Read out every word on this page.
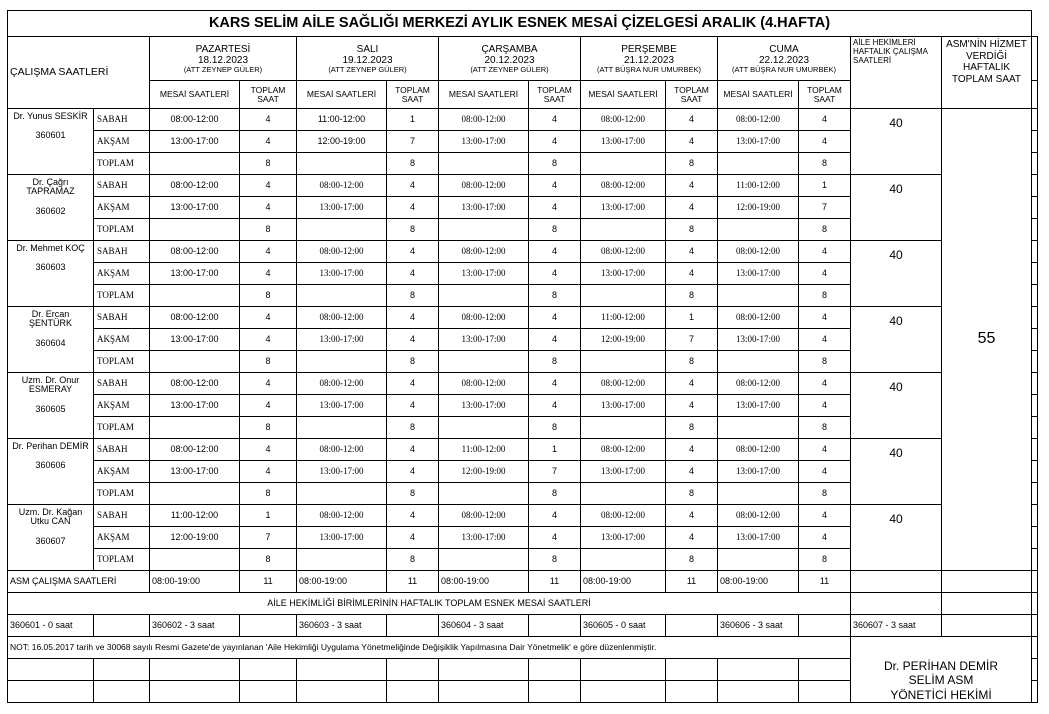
KARS SELİM AİLE SAĞLIĞI MERKEZİ AYLIK ESNEK MESAİ ÇİZELGESİ ARALIK (4.HAFTA)															
ÇALIŞMA SAATLERİ		PAZARTESİ
18.12.2023
(ATT ZEYNEP GÜLER)		SALI
19.12.2023
(ATT ZEYNEP GÜLER)		ÇARŞAMBA
20.12.2023
(ATT ZEYNEP GÜLER)		PERŞEMBE
21.12.2023
(ATT BÜŞRA NUR UMURBEK)		CUMA
22.12.2023
(ATT BÜŞRA NUR UMURBEK)		AİLE HEKİMLERİ HAFTALIK ÇALIŞMA SAATLERİ	ASM'NİN HİZMET VERDİĞİ HAFTALIK TOPLAM SAAT		
		MESAİ SAATLERİ	TOPLAM SAAT	MESAİ SAATLERİ	TOPLAM SAAT	MESAİ SAATLERİ	TOPLAM SAAT	MESAİ SAATLERİ	TOPLAM SAAT	MESAİ SAATLERİ	TOPLAM SAAT				
Dr. Yunus SESKİR
360601	SABAH	08:00-12:00	4	11:00-12:00	1	08:00-12:00	4	08:00-12:00	4	08:00-12:00	4	40	55		
	AKŞAM	13:00-17:00	4	12:00-19:00	7	13:00-17:00	4	13:00-17:00	4	13:00-17:00	4				
	TOPLAM		8		8		8		8		8				
Dr. Çağrı TAPRAMAZ
360602	SABAH	08:00-12:00	4	08:00-12:00	4	08:00-12:00	4	08:00-12:00	4	11:00-12:00	1	40			
	AKŞAM	13:00-17:00	4	13:00-17:00	4	13:00-17:00	4	13:00-17:00	4	12:00-19:00	7				
	TOPLAM		8		8		8		8		8				
Dr. Mehmet KOÇ
360603	SABAH	08:00-12:00	4	08:00-12:00	4	08:00-12:00	4	08:00-12:00	4	08:00-12:00	4	40			
	AKŞAM	13:00-17:00	4	13:00-17:00	4	13:00-17:00	4	13:00-17:00	4	13:00-17:00	4				
	TOPLAM		8		8		8		8		8				
Dr. Ercan ŞENTÜRK
360604	SABAH	08:00-12:00	4	08:00-12:00	4	08:00-12:00	4	11:00-12:00	1	08:00-12:00	4	40			
	AKŞAM	13:00-17:00	4	13:00-17:00	4	13:00-17:00	4	12:00-19:00	7	13:00-17:00	4				
	TOPLAM		8		8		8		8		8				
Uzm. Dr. Onur ESMERAY
360605	SABAH	08:00-12:00	4	08:00-12:00	4	08:00-12:00	4	08:00-12:00	4	08:00-12:00	4	40			
	AKŞAM	13:00-17:00	4	13:00-17:00	4	13:00-17:00	4	13:00-17:00	4	13:00-17:00	4				
	TOPLAM		8		8		8		8		8				
Dr. Perihan DEMİR
360606	SABAH	08:00-12:00	4	08:00-12:00	4	11:00-12:00	1	08:00-12:00	4	08:00-12:00	4	40			
	AKŞAM	13:00-17:00	4	13:00-17:00	4	12:00-19:00	7	13:00-17:00	4	13:00-17:00	4				
	TOPLAM		8		8		8		8		8				
Uzm. Dr. Kağan Utku CAN
360607	SABAH	11:00-12:00	1	08:00-12:00	4	08:00-12:00	4	08:00-12:00	4	08:00-12:00	4	40			
	AKŞAM	12:00-19:00	7	13:00-17:00	4	13:00-17:00	4	13:00-17:00	4	13:00-17:00	4				
	TOPLAM		8		8		8		8		8				
ASM ÇALIŞMA SAATLERİ		08:00-19:00	11	08:00-19:00	11	08:00-19:00	11	08:00-19:00	11	08:00-19:00	11				
AİLE HEKİMLİĞİ BİRİMLERİNİN HAFTALIK TOPLAM ESNEK MESAİ SAATLERİ															
360601 - 0 saat		360602 - 3 saat		360603 - 3 saat		360604 - 3 saat		360605 - 0 saat		360606 - 3 saat		360607 - 3 saat			
NOT: 16.05.2017 tarih ve 30068 sayılı Resmi Gazete'de yayınlanan 'Aile Hekimliği Uygulama Yönetmeliğinde Değişiklik Yapılmasına Dair Yönetmelik' e göre düzenlenmiştir.												Dr. PERİHAN DEMİR
SELİM ASM
YÖNETİCİ HEKİMİ			
